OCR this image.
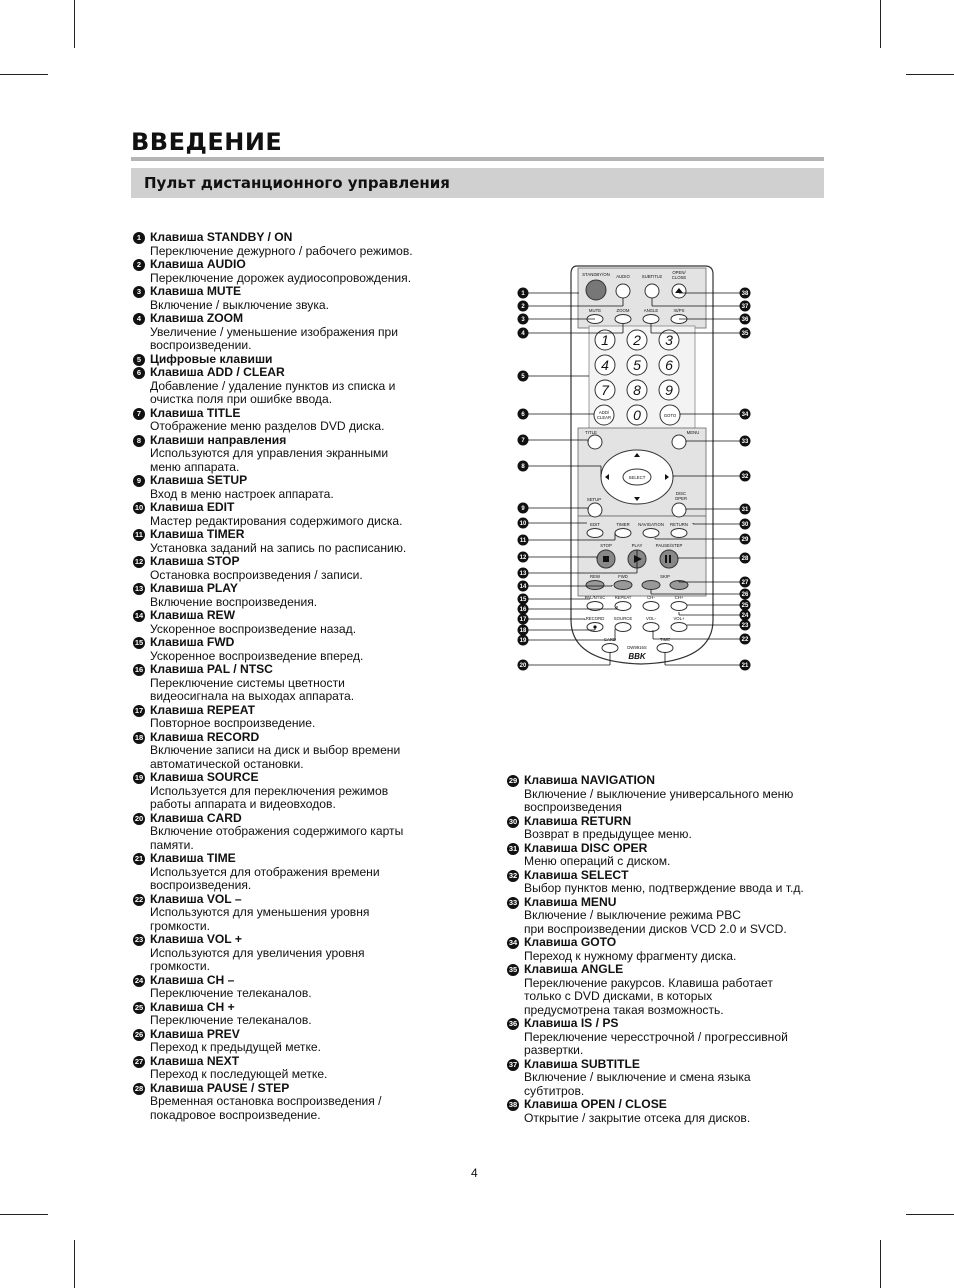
ВВЕДЕНИЕ
Пульт дистанционного управления
1 Клавиша STANDBY / ON
Переключение дежурного / рабочего режимов.
2 Клавиша AUDIO
Переключение дорожек аудиосопровождения.
3 Клавиша MUTE
Включение / выключение звука.
4 Клавиша ZOOM
Увеличение / уменьшение изображения при
воспроизведении.
5 Цифровые клавиши
6 Клавиша ADD / CLEAR
Добавление / удаление пунктов из списка и
очистка поля при ошибке ввода.
7 Клавиша TITLE
Отображение меню разделов DVD диска.
8 Клавиши направления
Используются для управления экранными
меню аппарата.
9 Клавиша SETUP
Вход в меню настроек аппарата.
10 Клавиша EDIT
Мастер редактирования содержимого диска.
11 Клавиша TIMER
Установка заданий на запись по расписанию.
12 Клавиша STOP
Остановка воспроизведения / записи.
13 Клавиша PLAY
Включение воспроизведения.
14 Клавиша REW
Ускоренное воспроизведение назад.
15 Клавиша FWD
Ускоренное воспроизведение вперед.
16 Клавиша PAL / NTSC
Переключение системы цветности
видеосигнала на выходах аппарата.
17 Клавиша REPEAT
Повторное воспроизведение.
18 Клавиша RECORD
Включение записи на диск и выбор времени
автоматической остановки.
19 Клавиша SOURCE
Используется для переключения режимов
работы аппарата и видеовходов.
20 Клавиша CARD
Включение отображения содержимого карты
памяти.
21 Клавиша TIME
Используется для отображения времени
воспроизведения.
22 Клавиша VOL –
Используются для уменьшения уровня
громкости.
23 Клавиша VOL +
Используются для увеличения уровня
громкости.
24 Клавиша CH –
Переключение телеканалов.
25 Клавиша CH +
Переключение телеканалов.
26 Клавиша PREV
Переход к предыдущей метке.
27 Клавиша NEXT
Переход к последующей метке.
28 Клавиша PAUSE / STEP
Временная остановка воспроизведения /
покадровое воспроизведение.
29 Клавиша NAVIGATION
Включение / выключение универсального меню
воспроизведения
30 Клавиша RETURN
Возврат в предыдущее меню.
31 Клавиша DISC OPER
Меню операций с диском.
32 Клавиша SELECT
Выбор пунктов меню, подтверждение ввода и т.д.
33 Клавиша MENU
Включение / выключение режима PBC
при воспроизведении дисков VCD 2.0 и SVCD.
34 Клавиша GOTO
Переход к нужному фрагменту диска.
35 Клавиша ANGLE
Переключение ракурсов. Клавиша работает
только с DVD дисками, в которых
предусмотрена такая возможность.
36 Клавиша IS / PS
Переключение чересстрочной / прогрессивной
развертки.
37 Клавиша SUBTITLE
Включение / выключение и смена языка
субтитров.
38 Клавиша OPEN / CLOSE
Открытие / закрытие отсека для дисков.
STANDBY/ON AUDIO	SUBTITLE
OPEN/
CLOSE
MUTE	ZOOM	ANGLE	IS/PS
1 2 3
4 5 6
7 8 9
0
ADD/
CLEAR	GOTO
TITLE	MENU
SELECT
SETUP
DISC
OPER
EDIT	TIMER NAVIGATION RETURN
STOP	PLAY	PAUSE/STEP
REW	FWD	SKIP
PAL/NTSC REPEAT	CH-	CH+
RECORD SOURCE	VOL-	VOL+
CARD	TIME
DW9916S
BBK
1
2
3
4
5
6
7
8
9
10
11
12
13
14
15
16
17
18
19
20
38
37
36
35
34
33
32
31
30
29
28
27
26
25
24
23
22
21
4
